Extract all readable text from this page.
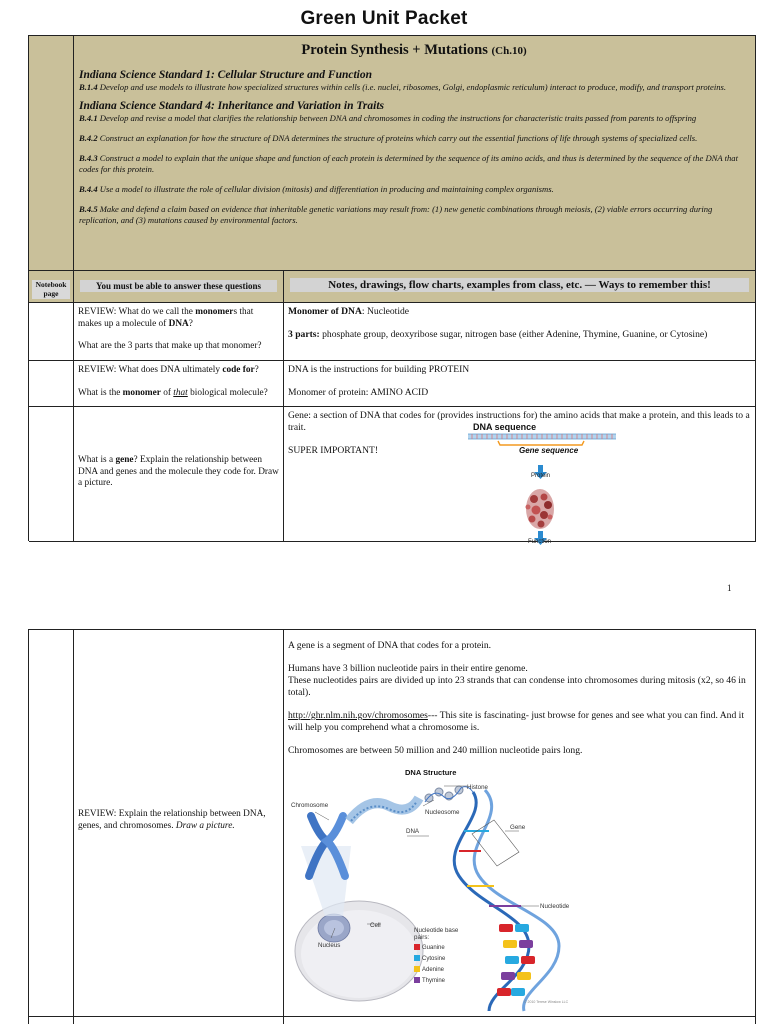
Green Unit Packet
Protein Synthesis + Mutations (Ch.10)
Indiana Science Standard 1: Cellular Structure and Function
B.1.4 Develop and use models to illustrate how specialized structures within cells (i.e. nuclei, ribosomes, Golgi, endoplasmic reticulum) interact to produce, modify, and transport proteins.
Indiana Science Standard 4: Inheritance and Variation in Traits
B.4.1 Develop and revise a model that clarifies the relationship between DNA and chromosomes in coding the instructions for characteristic traits passed from parents to offspring
B.4.2 Construct an explanation for how the structure of DNA determines the structure of proteins which carry out the essential functions of life through systems of specialized cells.
B.4.3 Construct a model to explain that the unique shape and function of each protein is determined by the sequence of its amino acids, and thus is determined by the sequence of the DNA that codes for this protein.
B.4.4 Use a model to illustrate the role of cellular division (mitosis) and differentiation in producing and maintaining complex organisms.
B.4.5 Make and defend a claim based on evidence that inheritable genetic variations may result from: (1) new genetic combinations through meiosis, (2) viable errors occurring during replication, and (3) mutations caused by environmental factors.
Notebook page
You must be able to answer these questions	Notes, drawings, flow charts, examples from class, etc. — Ways to remember this!
REVIEW: What do we call the monomers that makes up a molecule of DNA?
What are the 3 parts that make up that monomer?
Monomer of DNA: Nucleotide
3 parts: phosphate group, deoxyribose sugar, nitrogen base (either Adenine, Thymine, Guanine, or Cytosine)
REVIEW: What does DNA ultimately code for?
What is the monomer of that biological molecule?
DNA is the instructions for building PROTEIN
Monomer of protein: AMINO ACID
What is a gene? Explain the relationship between DNA and genes and the molecule they code for. Draw a picture.
Gene: a section of DNA that codes for (provides instructions for) the amino acids that make a protein, and this leads to a trait.
SUPER IMPORTANT!
DNA sequence
Gene sequence
Protein
Function
1
REVIEW: Explain the relationship between DNA, genes, and chromosomes. Draw a picture.
A gene is a segment of DNA that codes for a protein.
Humans have 3 billion nucleotide pairs in their entire genome.
These nucleotides pairs are divided up into 23 strands that can condense into chromosomes during mitosis (x2, so 46 in total).
http://ghr.nlm.nih.gov/chromosomes--- This site is fascinating- just browse for genes and see what you can find. And it will help you comprehend what a chromosome is.
Chromosomes are between 50 million and 240 million nucleotide pairs long.
DNA Structure
Chromosome
Histone
Nucleosome
DNA
Gene
Cell
Nucleus
Nucleotide
Nucleotide base pairs:
Guanine
Cytosine
Adenine
Thymine
© 2010 Terese Winslow LLC
